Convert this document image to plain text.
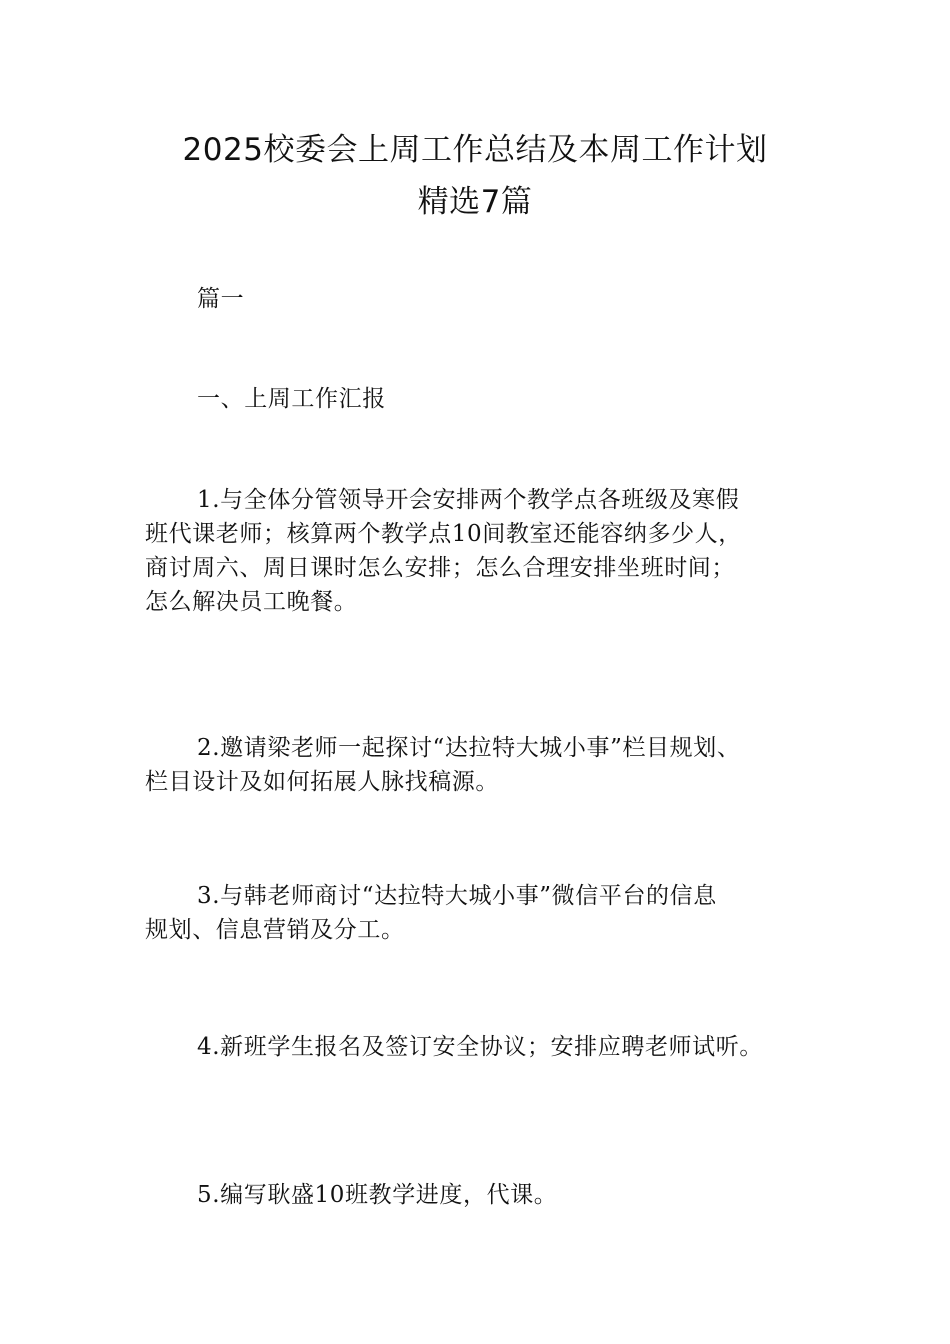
2025校委会上周工作总结及本周工作计划
精选7篇

篇一

一、上周工作汇报

1.与全体分管领导开会安排两个教学点各班级及寒假
班代课老师；核算两个教学点10间教室还能容纳多少人，
商讨周六、周日课时怎么安排；怎么合理安排坐班时间；
怎么解决员工晚餐。

2.邀请梁老师一起探讨“达拉特大城小事”栏目规划、
栏目设计及如何拓展人脉找稿源。

3.与韩老师商讨“达拉特大城小事”微信平台的信息
规划、信息营销及分工。

4.新班学生报名及签订安全协议；安排应聘老师试听。

5.编写耿盛10班教学进度，代课。
